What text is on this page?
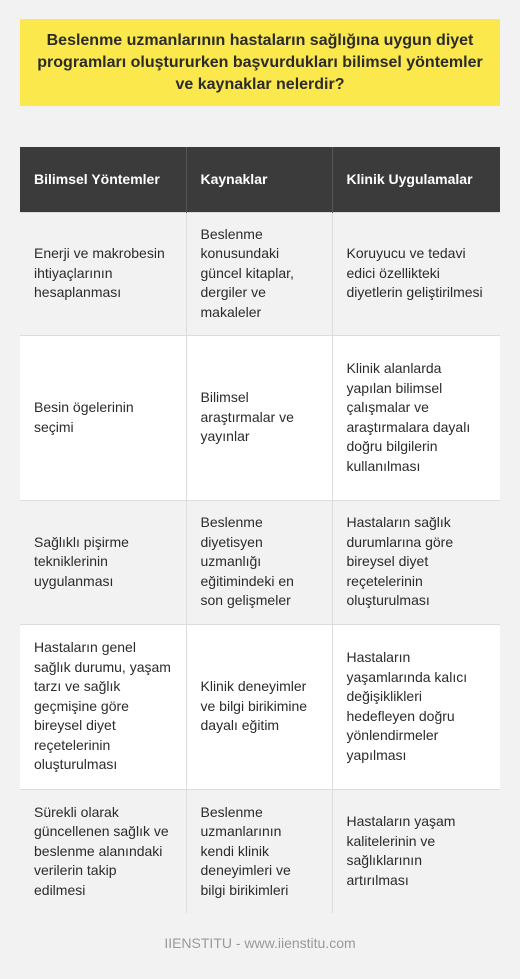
Beslenme uzmanlarının hastaların sağlığına uygun diyet programları oluştururken başvurdukları bilimsel yöntemler ve kaynaklar nelerdir?
Bilimsel Yöntemler	Kaynaklar	Klinik Uygulamalar
Enerji ve makrobesin ihtiyaçlarının hesaplanması	Beslenme konusundaki güncel kitaplar, dergiler ve makaleler	Koruyucu ve tedavi edici özellikteki diyetlerin geliştirilmesi
Besin ögelerinin seçimi	Bilimsel araştırmalar ve yayınlar	Klinik alanlarda yapılan bilimsel çalışmalar ve araştırmalara dayalı doğru bilgilerin kullanılması
Sağlıklı pişirme tekniklerinin uygulanması	Beslenme diyetisyen uzmanlığı eğitimindeki en son gelişmeler	Hastaların sağlık durumlarına göre bireysel diyet reçetelerinin oluşturulması
Hastaların genel sağlık durumu, yaşam tarzı ve sağlık geçmişine göre bireysel diyet reçetelerinin oluşturulması	Klinik deneyimler ve bilgi birikimine dayalı eğitim	Hastaların yaşamlarında kalıcı değişiklikleri hedefleyen doğru yönlendirmeler yapılması
Sürekli olarak güncellenen sağlık ve beslenme alanındaki verilerin takip edilmesi	Beslenme uzmanlarının kendi klinik deneyimleri ve bilgi birikimleri	Hastaların yaşam kalitelerinin ve sağlıklarının artırılması
IIENSTITU - www.iienstitu.com
